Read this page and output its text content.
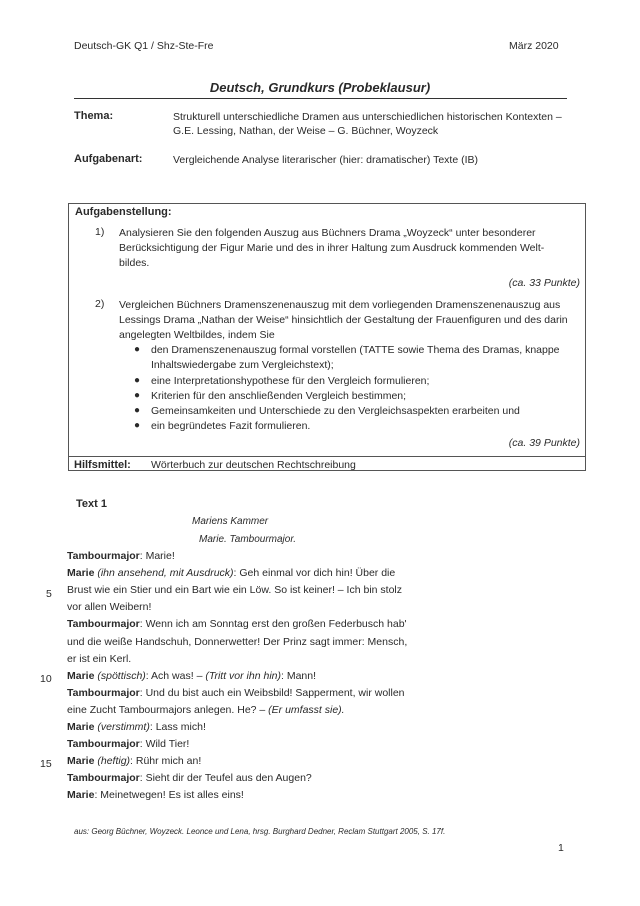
Deutsch-GK Q1 / Shz-Ste-Fre	März 2020
Deutsch, Grundkurs (Probeklausur)
Thema:	Strukturell unterschiedliche Dramen aus unterschiedlichen historischen Kontexten –
G.E. Lessing, Nathan, der Weise – G. Büchner, Woyzeck
Aufgabenart:	Vergleichende Analyse literarischer (hier: dramatischer) Texte (IB)
Aufgabenstellung:
1) Analysieren Sie den folgenden Auszug aus Büchners Drama „Woyzeck“ unter besonderer
Berücksichtigung der Figur Marie und des in ihrer Haltung zum Ausdruck kommenden Welt-
bildes.
(ca. 33 Punkte)
2) Vergleichen Büchners Dramenszenenauszug mit dem vorliegenden Dramenszenenauszug aus
Lessings Drama „Nathan der Weise“ hinsichtlich der Gestaltung der Frauenfiguren und des darin
angelegten Weltbildes, indem Sie
● den Dramenszenenauszug formal vorstellen (TATTE sowie Thema des Dramas, knappe
Inhaltswiedergabe zum Vergleichstext);
● eine Interpretationshypothese für den Vergleich formulieren;
● Kriterien für den anschließenden Vergleich bestimmen;
● Gemeinsamkeiten und Unterschiede zu den Vergleichsaspekten erarbeiten und
● ein begründetes Fazit formulieren.
(ca. 39 Punkte)
Hilfsmittel: Wörterbuch zur deutschen Rechtschreibung
Text 1
Mariens Kammer
Marie. Tambourmajor.
Tambourmajor: Marie!
Marie (ihn ansehend, mit Ausdruck): Geh einmal vor dich hin! Über die
Brust wie ein Stier und ein Bart wie ein Löw. So ist keiner! – Ich bin stolz
vor allen Weibern!
Tambourmajor: Wenn ich am Sonntag erst den großen Federbusch hab'
und die weiße Handschuh, Donnerwetter! Der Prinz sagt immer: Mensch,
er ist ein Kerl.
Marie (spöttisch): Ach was! – (Tritt vor ihn hin): Mann!
Tambourmajor: Und du bist auch ein Weibsbild! Sapperment, wir wollen
eine Zucht Tambourmajors anlegen. He? – (Er umfasst sie).
Marie (verstimmt): Lass mich!
Tambourmajor: Wild Tier!
Marie (heftig): Rühr mich an!
Tambourmajor: Sieht dir der Teufel aus den Augen?
Marie: Meinetwegen! Es ist alles eins!
5
10
15
aus: Georg Büchner, Woyzeck. Leonce und Lena, hrsg. Burghard Dedner, Reclam Stuttgart 2005, S. 17f.
1
